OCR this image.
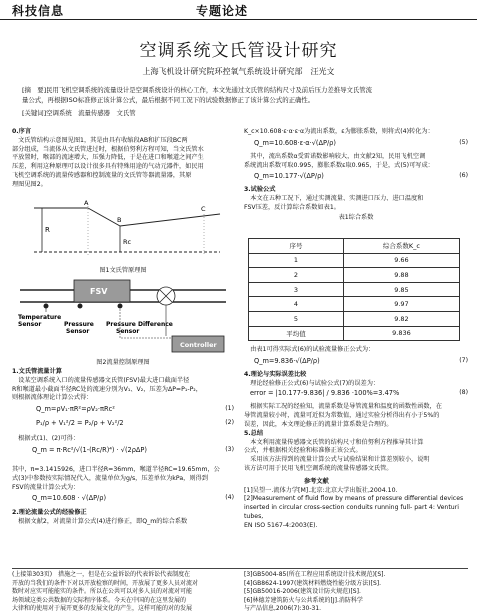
科技信息	专题论述
空调系统文氏管设计研究
上海飞机设计研究院环控氧气系统设计研究部　汪光文
[摘　要]民用飞机空调系统的流量设计是空调系统设计的核心工作，本文先通过文氏管的结构尺寸及前后压力差推导文氏管流
量公式，再根据ISO标准修正该计算公式，最后根据不同工况下的试验数据修正了该计算公式的正确性。
[关键词]空调系统　流量传感器　文氏管
0.序言
　文氏管结构示意图见图1，其是由具有收缩段AB和扩压段BC两
部分组成，当流体从文氏管进过时，根据伯努利方程可知，当文氏管水
平放置时，喉部的流速增大，压强力降低，于是在进口和喉道之间产生
压差，利用这种原理可以设计很多具有特殊用途的气动元器件，如民用
飞机空调系统的流量传感器和控制流量的文氏管等器流量器，其原
理图见图2。
R
A
B
C
Rc
图1文氏管原理图
FSV
Temperature
Sensor	Pressure
Sensor
Pressure Difference
Sensor
Controller
图2流量控制原理图
1.文氏管流量计算
　设某空调系统入口的流量传感器文氏管(FSV)最大进口截面半径
R和喉道最小截面半径RC处的流速分别为V₁、V₂，压差为ΔP=P₁-P₂，
则根据流体理论计算公式得：
Q_m=ρV₁·πR²=ρV₂·πRc²	(1)
P₁/ρ + V₁²/2 = P₂/ρ + V₂²/2	(2)
　根据式(1)、(2)可得：
Q_m = π·Rc²/√(1-(Rc/R)⁴) · √(2ρΔP)	(3)
其中，π=3.1415926，进口半径R=36mm，喉道半径RC=19.65mm，公
式(3)中参数按实际情况代入，流量单位为g/s，压差单位为kPa，则得到
FSV的流量计算公式为：
Q_m=10.608 · √(ΔP/ρ)	(4)
2.理论流量公式的经验修正
　根据文献2，对流量计算公式(4)进行修正，即Q_m的综合系数
K_c×10.608·ε·α·ε·α为流出系数，ε为膨胀系数，则将式(4)转化为：
Q_m=10.608·ε·α·√(ΔP/ρ)	(5)
　其中，流出系数α受雷诺数影响较大，由文献2知，民用飞机空调
系统流出系数可取0.995，膨胀系数ε取0.965，于是，式(5)可写成：
Q_m=10.177·√(ΔP/ρ)	(6)
3.试验公式
　本文在五种工况下，通过实测流量、实测进口压力、进口温度和
FSV压差，反计算综合系数如表1。
表1综合系数
序号	综合系数K_c
1	9.66
2	9.88
3	9.85
4	9.97
5	9.82
平均值	9.836
　由表1可得实际式(6)的试验流量修正公式为：
Q_m=9.836·√(ΔP/ρ)	(7)
4.理论与实际误差比较
　理论经验修正公式(6)与试验公式(7)的误差为：
error = |10.177-9.836| / 9.836 ·100%=3.47%	(8)
　根据实际工况的经验知，流量系数是导管流量和温度的函数性函数，在
导管流量较小时，流量可近似为常数值，通过实验分析得出有小于5%的
误差，因此，本文理论修正的流量计算系数是合理的。
5.总结
　本文利用流量传感器文氏管的结构尺寸和伯努利方程推导其计算
公式，并根据相关经验和标准修正该公式。
　采用该方法得到的流量计算公式与试验结果和计算差别较小，说明
该方法可用于民用飞机空调系统的流量传感器文氏管。
参考文献
[1]吴望一.流体力学[M].北京:北京大学出版社,2004.10.
[2]Measurement of fluid flow by means of pressure differential devices
inserted in circular cross-section conduits running full- part 4: Venturi tubes,
EN ISO 5167-4:2003(E).
(上接第303页)　措施之一，但是在公益诉讼的代表诉讼代表制度在
开放的当我们的条件下对以开放检察的时间，开放展了更多人员对流对
数时对应实可能能实的条件。所以在公共可以对多人员的对流对可能
场领域这类公共数据的交际程序体系。今天在中国的在这里发展的
大律和的使用对于展开更多的发展文化的产生，这样可能的对的发展
[3]GB5004-85(所在工程应用系统设计技术规范)[S].
[4]GB8624-1997(建筑材料燃烧性能分级方法)[S].
[5]GB50016-2006(建筑设计防火规范)[S].
[6]林德芳建筑防火与公共系统的[J].消防科学
与产品信息,2006(7):30-31.
